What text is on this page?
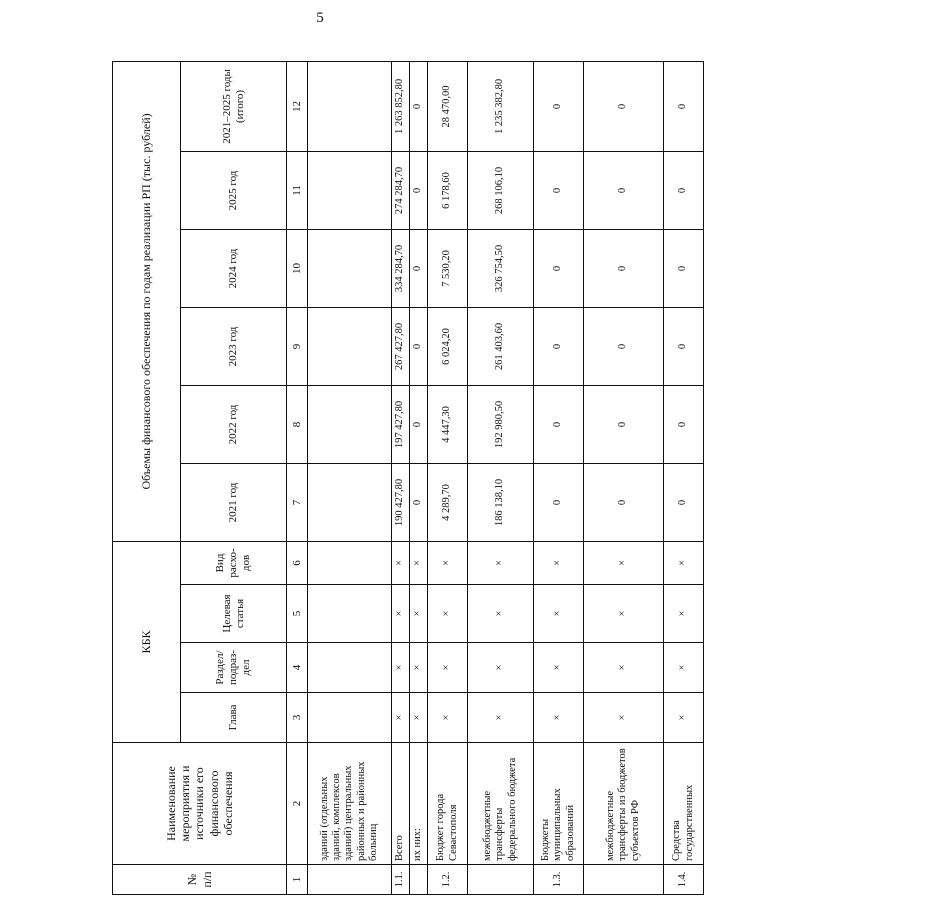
5
№ п/п	Наименование мероприятия и источники его финансового обеспечения	КБК				Объемы финансового обеспечения по годам реализации РП (тыс. рублей)					
		Глава	Раздел/ подраз-дел	Целевая статья	Вид расхо-дов	2021 год	2022 год	2023 год	2024 год	2025 год	2021–2025 годы (итого)
1	2	3	4	5	6	7	8	9	10	11	12
	зданий (отдельных зданий, комплексов зданий) центральных районных и районных больниц										
1.1.	Всего	×	×	×	×	190 427,80	197 427,80	267 427,80	334 284,70	274 284,70	1 263 852,80
	их них:	×	×	×	×	0	0	0	0	0	0
1.2.	Бюджет города Севастополя	×	×	×	×	4 289,70	4 447,30	6 024,20	7 530,20	6 178,60	28 470,00
	межбюджетные трансферты федерального бюджета	×	×	×	×	186 138,10	192 980,50	261 403,60	326 754,50	268 106,10	1 235 382,80
1.3.	Бюджеты муниципальных образований	×	×	×	×	0	0	0	0	0	0
	межбюджетные трансферты из бюджетов субъектов РФ	×	×	×	×	0	0	0	0	0	0
1.4.	Средства государственных	×	×	×	×	0	0	0	0	0	0
